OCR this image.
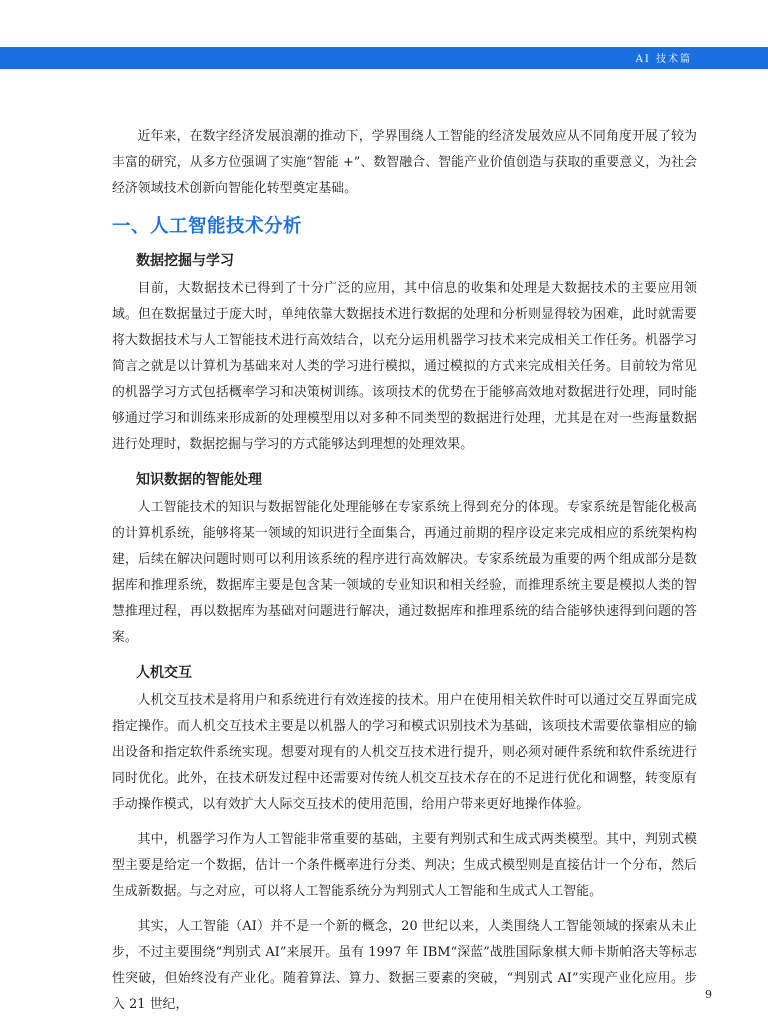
AI 技术篇

近年来，在数字经济发展浪潮的推动下，学界围绕人工智能的经济发展效应从不同角度开展了较为丰富的研究，从多方位强调了实施“智能 +”、数智融合、智能产业价值创造与获取的重要意义，为社会经济领域技术创新向智能化转型奠定基础。

一、人工智能技术分析
数据挖掘与学习

目前，大数据技术已得到了十分广泛的应用，其中信息的收集和处理是大数据技术的主要应用领域。但在数据量过于庞大时，单纯依靠大数据技术进行数据的处理和分析则显得较为困难，此时就需要将大数据技术与人工智能技术进行高效结合，以充分运用机器学习技术来完成相关工作任务。机器学习简言之就是以计算机为基础来对人类的学习进行模拟，通过模拟的方式来完成相关任务。目前较为常见的机器学习方式包括概率学习和决策树训练。该项技术的优势在于能够高效地对数据进行处理，同时能够通过学习和训练来形成新的处理模型用以对多种不同类型的数据进行处理，尤其是在对一些海量数据进行处理时，数据挖掘与学习的方式能够达到理想的处理效果。

知识数据的智能处理

人工智能技术的知识与数据智能化处理能够在专家系统上得到充分的体现。专家系统是智能化极高的计算机系统，能够将某一领域的知识进行全面集合，再通过前期的程序设定来完成相应的系统架构构建，后续在解决问题时则可以利用该系统的程序进行高效解决。专家系统最为重要的两个组成部分是数据库和推理系统，数据库主要是包含某一领域的专业知识和相关经验，而推理系统主要是模拟人类的智慧推理过程，再以数据库为基础对问题进行解决，通过数据库和推理系统的结合能够快速得到问题的答案。

人机交互

人机交互技术是将用户和系统进行有效连接的技术。用户在使用相关软件时可以通过交互界面完成指定操作。而人机交互技术主要是以机器人的学习和模式识别技术为基础，该项技术需要依靠相应的输出设备和指定软件系统实现。想要对现有的人机交互技术进行提升，则必须对硬件系统和软件系统进行同时优化。此外，在技术研发过程中还需要对传统人机交互技术存在的不足进行优化和调整，转变原有手动操作模式，以有效扩大人际交互技术的使用范围，给用户带来更好地操作体验。

其中，机器学习作为人工智能非常重要的基础，主要有判别式和生成式两类模型。其中，判别式模型主要是给定一个数据，估计一个条件概率进行分类、判决；生成式模型则是直接估计一个分布，然后生成新数据。与之对应，可以将人工智能系统分为判别式人工智能和生成式人工智能。

其实，人工智能（AI）并不是一个新的概念，20 世纪以来，人类围绕人工智能领域的探索从未止步，不过主要围绕“判别式 AI”来展开。虽有 1997 年 IBM“深蓝”战胜国际象棋大师卡斯帕洛夫等标志性突破，但始终没有产业化。随着算法、算力、数据三要素的突破，“判别式 AI”实现产业化应用。步入 21 世纪，

9
